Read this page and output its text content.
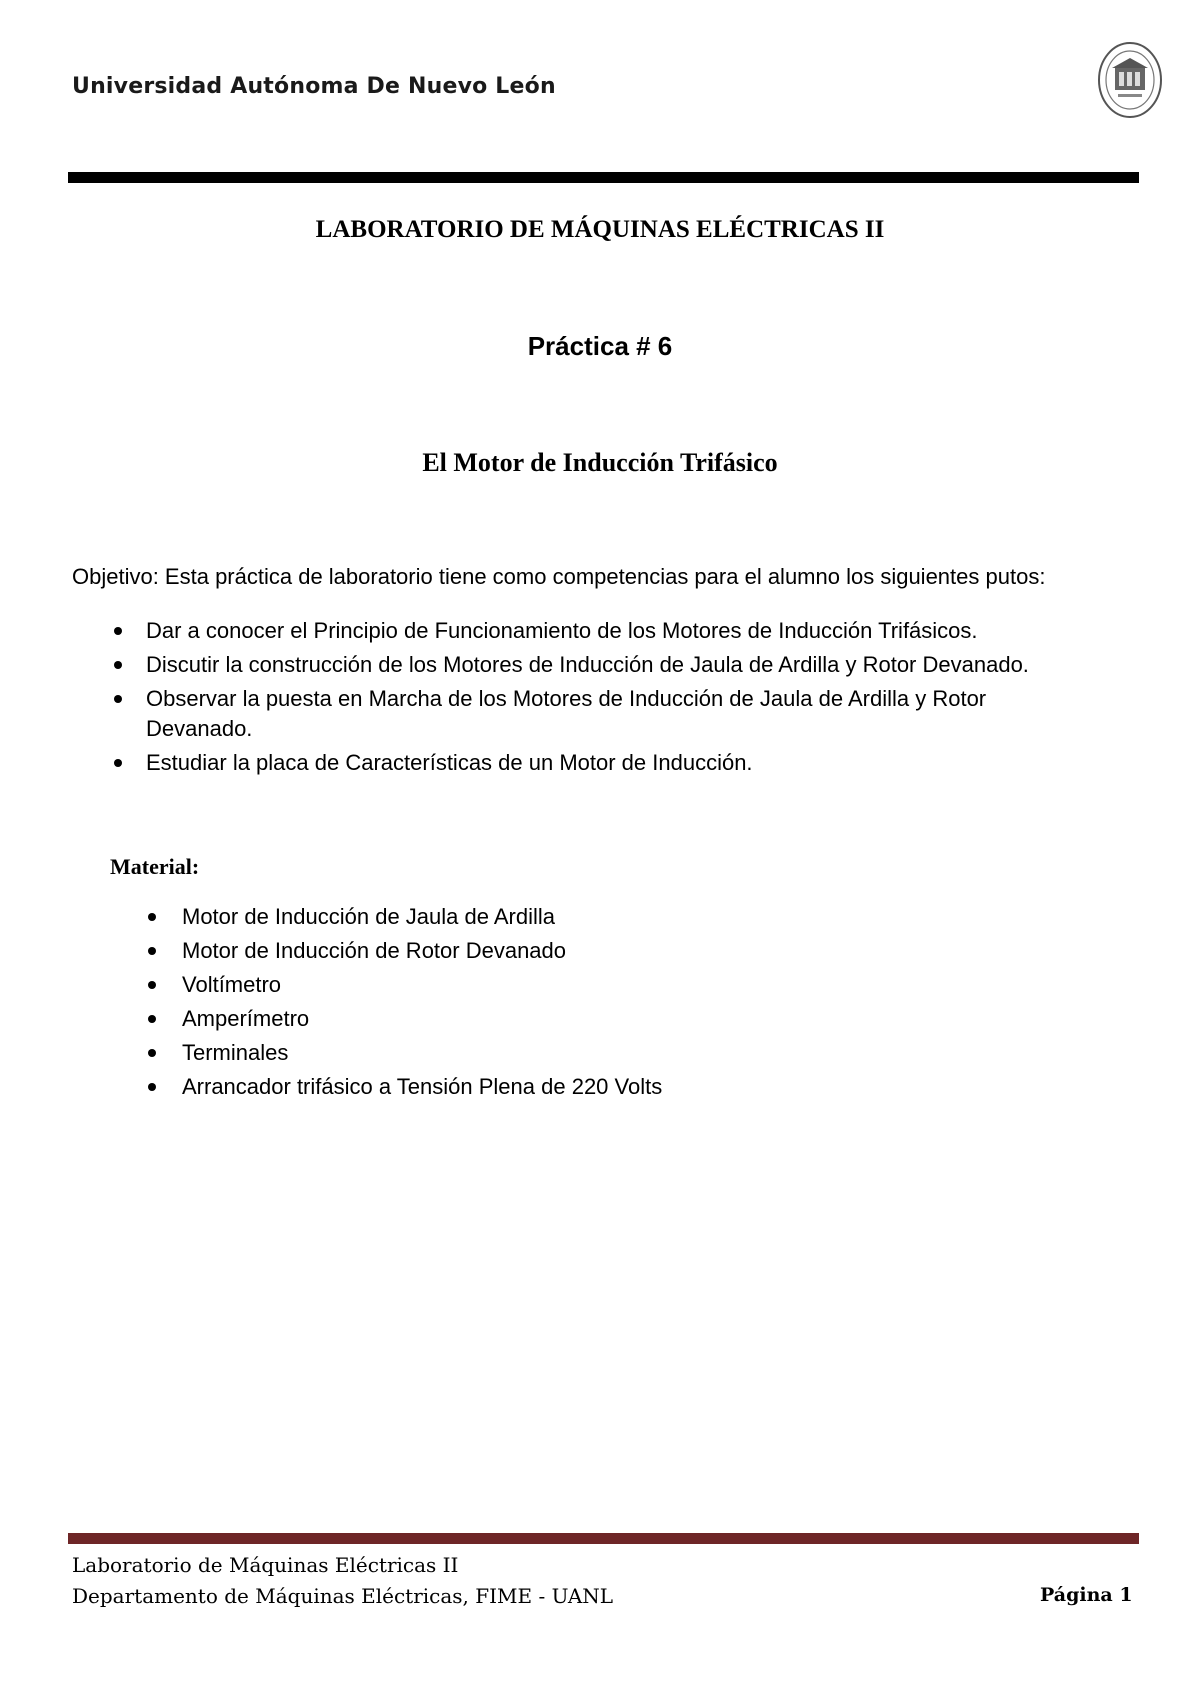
Universidad Autónoma De Nuevo León
LABORATORIO DE MÁQUINAS ELÉCTRICAS II
Práctica # 6
El Motor de Inducción Trifásico
Objetivo: Esta práctica de laboratorio tiene como competencias para el alumno los siguientes putos:
Dar a conocer el Principio de Funcionamiento de los Motores de Inducción Trifásicos.
Discutir la construcción de los Motores de Inducción de Jaula de Ardilla y Rotor Devanado.
Observar la puesta en Marcha de los Motores de Inducción de Jaula de Ardilla y Rotor Devanado.
Estudiar la placa de Características de un Motor de Inducción.
Material:
Motor de Inducción de Jaula de Ardilla
Motor de Inducción de Rotor Devanado
Voltímetro
Amperímetro
Terminales
Arrancador trifásico a Tensión Plena de 220 Volts
Laboratorio de Máquinas Eléctricas II
Departamento de Máquinas Eléctricas, FIME - UANL	Página 1
